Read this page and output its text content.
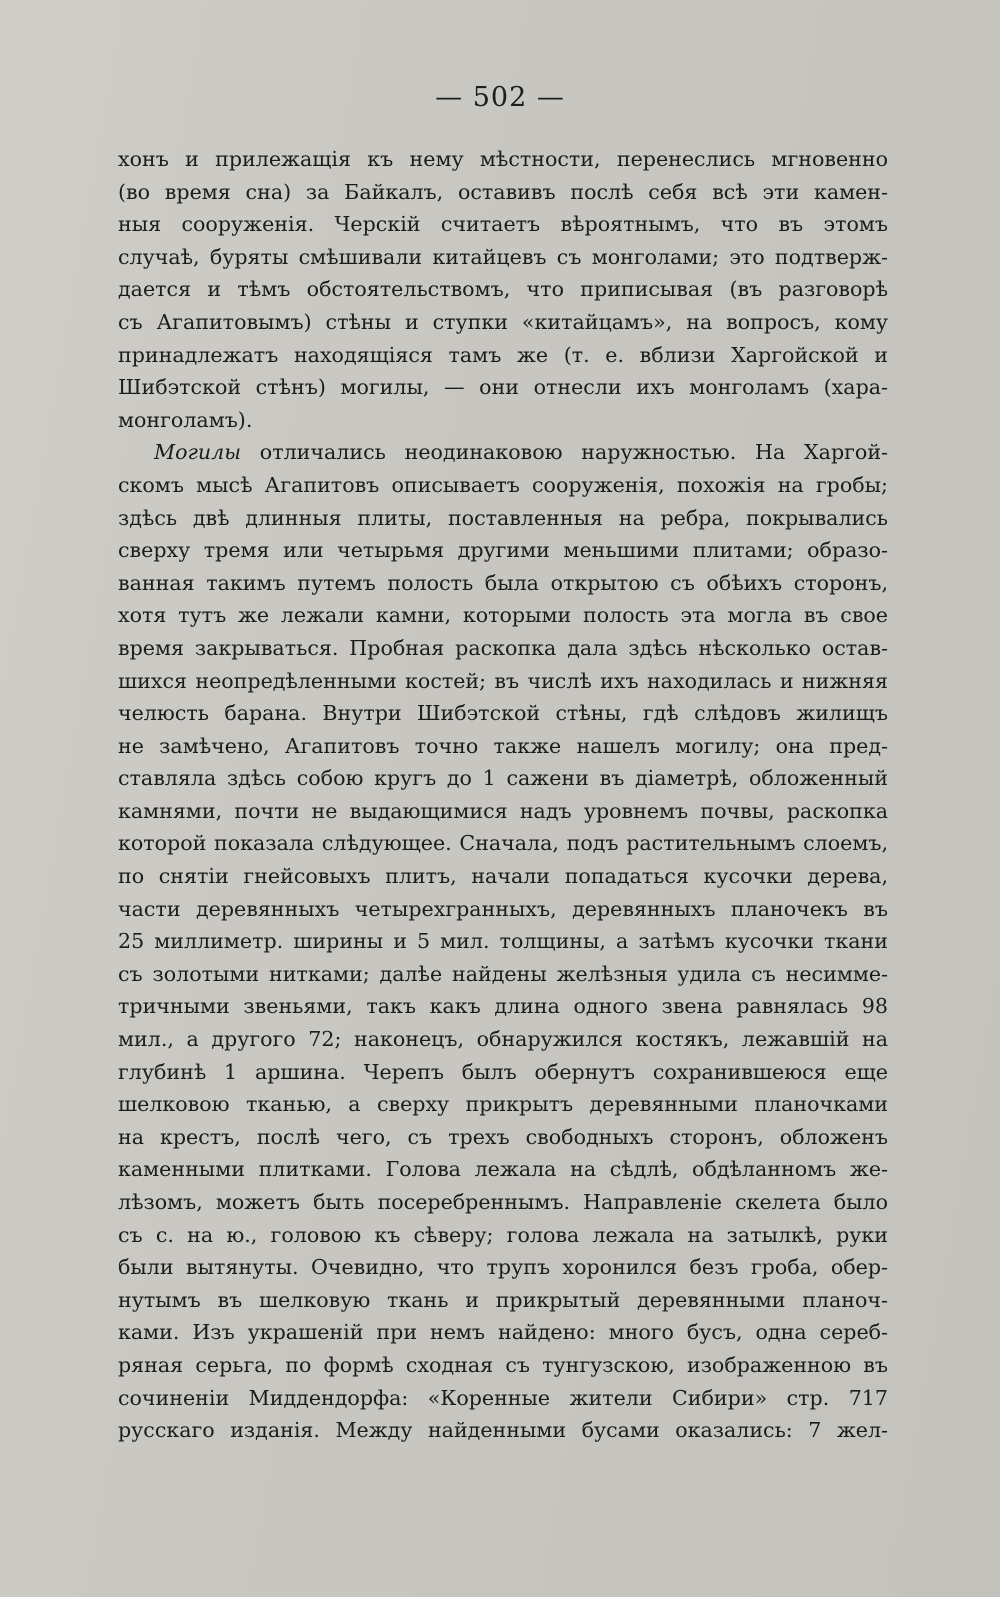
— 502 —
хонъ и прилежащія къ нему мѣстности, перенеслись мгновенно
(во время сна) за Байкалъ, оставивъ послѣ себя всѣ эти камен-
ныя сооруженія. Черскій считаетъ вѣроятнымъ, что въ этомъ
случаѣ, буряты смѣшивали китайцевъ съ монголами; это подтверж-
дается и тѣмъ обстоятельствомъ, что приписывая (въ разговорѣ
съ Агапитовымъ) стѣны и ступки «китайцамъ», на вопросъ, кому
принадлежатъ находящіяся тамъ же (т. е. вблизи Харгойской и
Шибэтской стѣнъ) могилы, — они отнесли ихъ монголамъ (хара-
монголамъ).
Могилы отличались неодинаковою наружностью. На Харгой-
скомъ мысѣ Агапитовъ описываетъ сооруженія, похожія на гробы;
здѣсь двѣ длинныя плиты, поставленныя на ребра, покрывались
сверху тремя или четырьмя другими меньшими плитами; образо-
ванная такимъ путемъ полость была открытою съ обѣихъ сторонъ,
хотя тутъ же лежали камни, которыми полость эта могла въ свое
время закрываться. Пробная раскопка дала здѣсь нѣсколько остав-
шихся неопредѣленными костей; въ числѣ ихъ находилась и нижняя
челюсть барана. Внутри Шибэтской стѣны, гдѣ слѣдовъ жилищъ
не замѣчено, Агапитовъ точно также нашелъ могилу; она пред-
ставляла здѣсь собою кругъ до 1 сажени въ діаметрѣ, обложенный
камнями, почти не выдающимися надъ уровнемъ почвы, раскопка
которой показала слѣдующее. Сначала, подъ растительнымъ слоемъ,
по снятіи гнейсовыхъ плитъ, начали попадаться кусочки дерева,
части деревянныхъ четырехгранныхъ, деревянныхъ планочекъ въ
25 миллиметр. ширины и 5 мил. толщины, а затѣмъ кусочки ткани
съ золотыми нитками; далѣе найдены желѣзныя удила съ несимме-
тричными звеньями, такъ какъ длина одного звена равнялась 98
мил., а другого 72; наконецъ, обнаружился костякъ, лежавшій на
глубинѣ 1 аршина. Черепъ былъ обернутъ сохранившеюся еще
шелковою тканью, а сверху прикрытъ деревянными планочками
на крестъ, послѣ чего, съ трехъ свободныхъ сторонъ, обложенъ
каменными плитками. Голова лежала на сѣдлѣ, обдѣланномъ же-
лѣзомъ, можетъ быть посеребреннымъ. Направленіе скелета было
съ с. на ю., головою къ сѣверу; голова лежала на затылкѣ, руки
были вытянуты. Очевидно, что трупъ хоронился безъ гроба, обер-
нутымъ въ шелковую ткань и прикрытый деревянными планоч-
ками. Изъ украшеній при немъ найдено: много бусъ, одна сереб-
ряная серьга, по формѣ сходная съ тунгузскою, изображенною въ
сочиненіи Миддендорфа: «Коренные жители Сибири» стр. 717
русскаго изданія. Между найденными бусами оказались: 7 жел-
